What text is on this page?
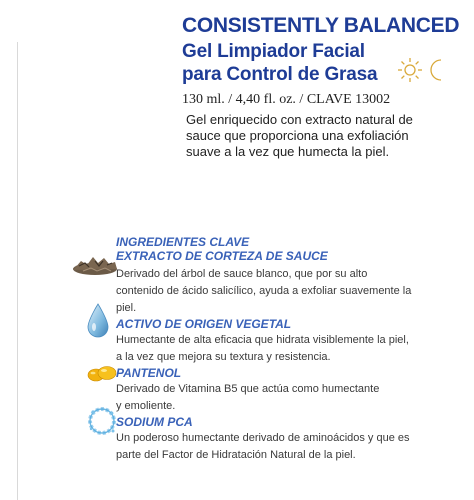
CONSISTENTLY BALANCED
Gel Limpiador Facial
para Control de Grasa
130 ml. / 4,40 fl. oz. / CLAVE 13002
Gel enriquecido con extracto natural de sauce que proporciona una exfoliación suave a la vez que humecta la piel.
INGREDIENTES CLAVE
EXTRACTO DE CORTEZA DE SAUCE
Derivado del árbol de sauce blanco, que por su alto contenido de ácido salicílico, ayuda a exfoliar suavemente la piel.
ACTIVO DE ORIGEN VEGETAL
Humectante de alta eficacia que hidrata visiblemente la piel, a la vez que mejora su textura y resistencia.
PANTENOL
Derivado de Vitamina B5 que actúa como humectante y emoliente.
SODIUM PCA
Un poderoso humectante derivado de aminoácidos y que es parte del Factor de Hidratación Natural de la piel.
